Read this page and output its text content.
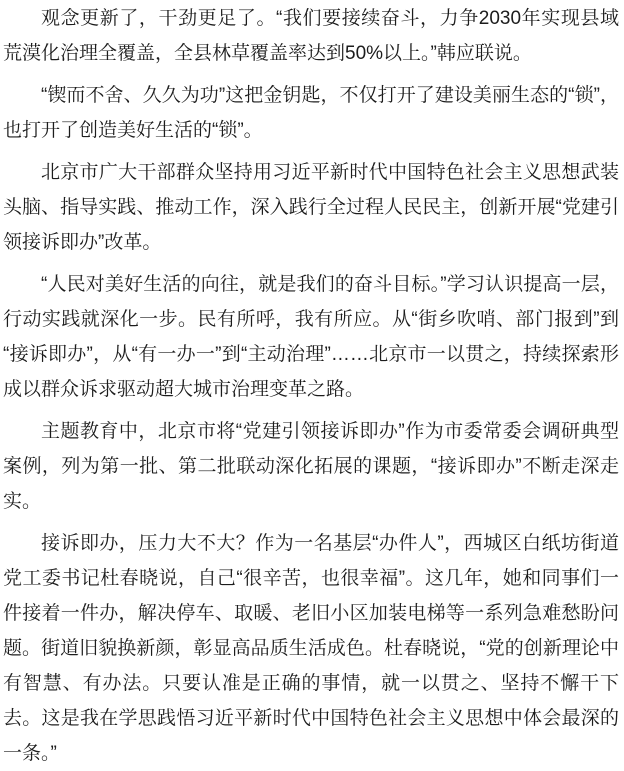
观念更新了，干劲更足了。“我们要接续奋斗，力争2030年实现县域荒漠化治理全覆盖，全县林草覆盖率达到50%以上。”韩应联说。

“锲而不舍、久久为功”这把金钥匙，不仅打开了建设美丽生态的“锁”，也打开了创造美好生活的“锁”。

北京市广大干部群众坚持用习近平新时代中国特色社会主义思想武装头脑、指导实践、推动工作，深入践行全过程人民民主，创新开展“党建引领接诉即办”改革。

“人民对美好生活的向往，就是我们的奋斗目标。”学习认识提高一层，行动实践就深化一步。民有所呼，我有所应。从“街乡吹哨、部门报到”到“接诉即办”，从“有一办一”到“主动治理”……北京市一以贯之，持续探索形成以群众诉求驱动超大城市治理变革之路。

主题教育中，北京市将“党建引领接诉即办”作为市委常委会调研典型案例，列为第一批、第二批联动深化拓展的课题，“接诉即办”不断走深走实。

接诉即办，压力大不大？作为一名基层“办件人”，西城区白纸坊街道党工委书记杜春晓说，自己“很辛苦，也很幸福”。这几年，她和同事们一件接着一件办，解决停车、取暖、老旧小区加装电梯等一系列急难愁盼问题。街道旧貌换新颜，彰显高品质生活成色。杜春晓说，“党的创新理论中有智慧、有办法。只要认准是正确的事情，就一以贯之、坚持不懈干下去。这是我在学思践悟习近平新时代中国特色社会主义思想中体会最深的一条。”
